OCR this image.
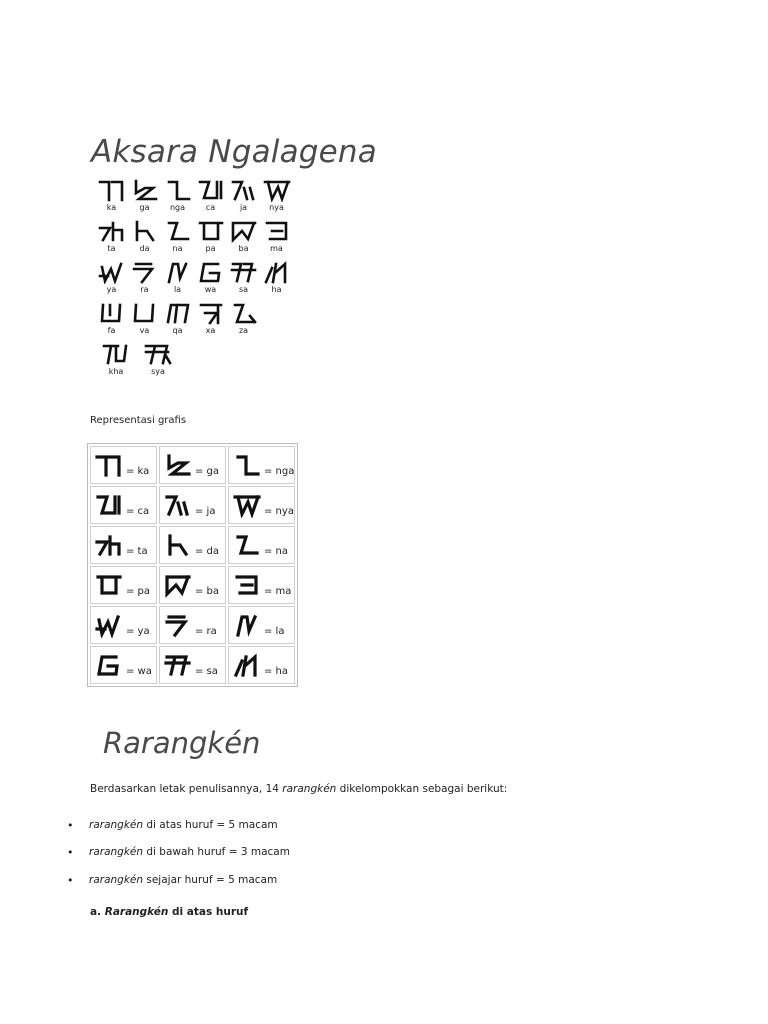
Aksara Ngalagena
ka	ga	nga	ca	ja	nya
ta	da	na	pa	ba	ma
ya	ra	la	wa	sa	ha
fa	va	qa	xa	za
kha	sya
Representasi grafis
= ka	= ga	= nga

= ca	= ja	= nya

= ta	= da	= na

= pa	= ba	= ma

= ya	= ra	= la

= wa	= sa	= ha
Rarangkén
Berdasarkan letak penulisannya, 14 rarangkén dikelompokkan sebagai berikut:
•	rarangkén di atas huruf = 5 macam
•	rarangkén di bawah huruf = 3 macam
•	rarangkén sejajar huruf = 5 macam
a. Rarangkén di atas huruf
